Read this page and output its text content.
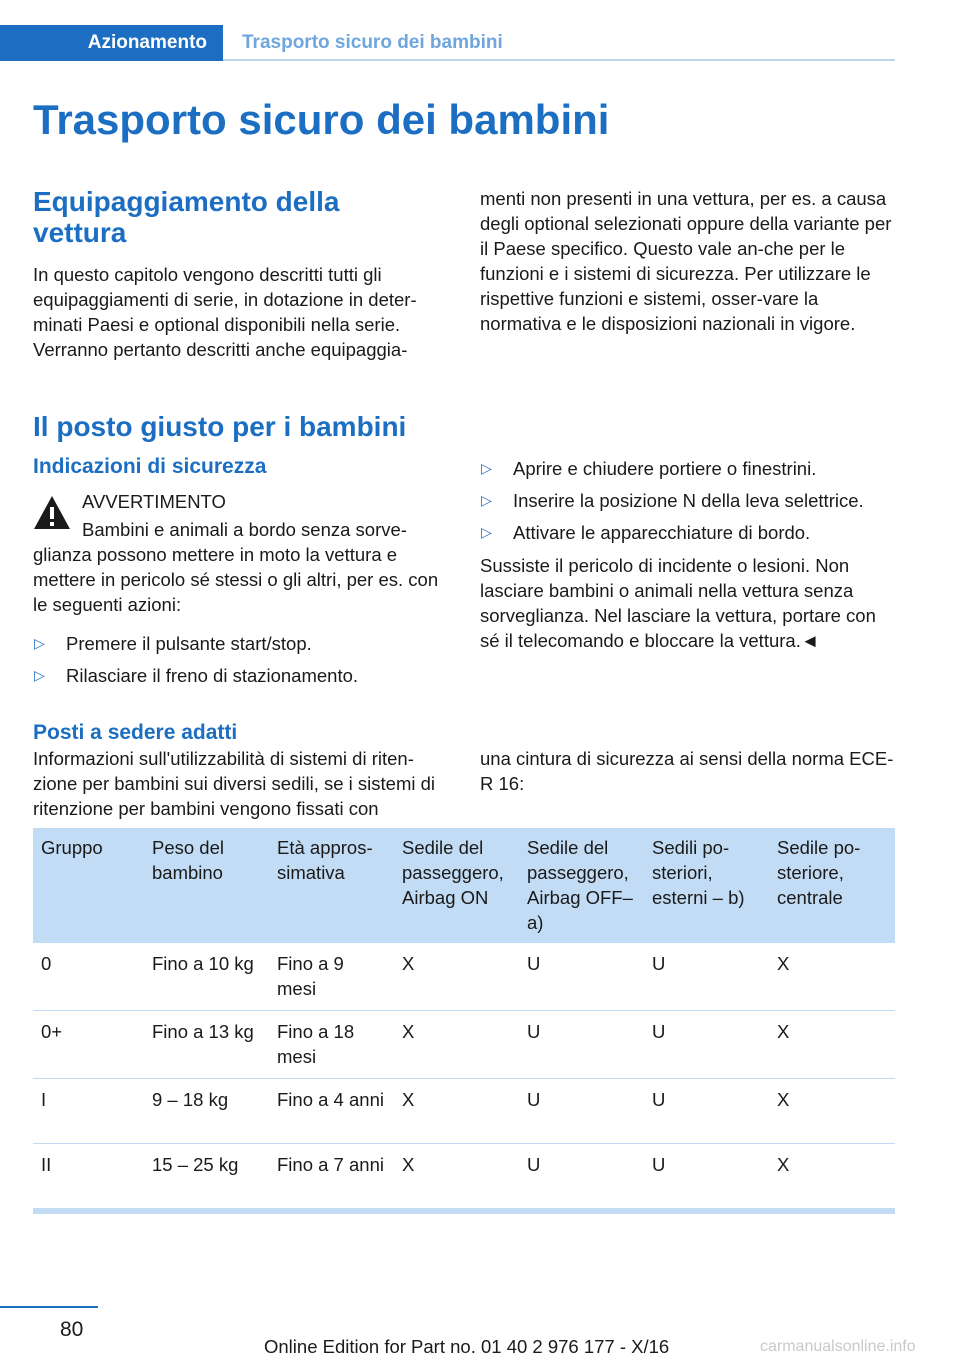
Azionamento	Trasporto sicuro dei bambini
Trasporto sicuro dei bambini
Equipaggiamento della vettura

In questo capitolo vengono descritti tutti gli equipaggiamenti di serie, in dotazione in deter-minati Paesi e optional disponibili nella serie. Verranno pertanto descritti anche equipaggia-

menti non presenti in una vettura, per es. a causa degli optional selezionati oppure della variante per il Paese specifico. Questo vale an-che per le funzioni e i sistemi di sicurezza. Per utilizzare le rispettive funzioni e sistemi, osser-vare la normativa e le disposizioni nazionali in vigore.

Il posto giusto per i bambini
Indicazioni di sicurezza
AVVERTIMENTO

Bambini e animali a bordo senza sorve-glianza possono mettere in moto la vettura e mettere in pericolo sé stessi o gli altri, per es. con le seguenti azioni:

▷ Premere il pulsante start/stop.
▷ Rilasciare il freno di stazionamento.
▷ Aprire e chiudere portiere o finestrini.
▷ Inserire la posizione N della leva selettrice.
▷ Attivare le apparecchiature di bordo.

Sussiste il pericolo di incidente o lesioni. Non lasciare bambini o animali nella vettura senza sorveglianza. Nel lasciare la vettura, portare con sé il telecomando e bloccare la vettura.◄

Posti a sedere adatti

Informazioni sull'utilizzabilità di sistemi di riten-zione per bambini sui diversi sedili, se i sistemi di ritenzione per bambini vengono fissati con

una cintura di sicurezza ai sensi della norma ECE-R 16:

Gruppo	Peso del bambino	Età appros-simativa	Sedile del passeggero, Airbag ON	Sedile del passeggero, Airbag OFF– a)	Sedili po-steriori, esterni – b)	Sedile po-steriore, centrale
0	Fino a 10 kg	Fino a 9 mesi	X	U	U	X
0+	Fino a 13 kg	Fino a 18 mesi	X	U	U	X
I	9 – 18 kg	Fino a 4 anni	X	U	U	X
II	15 – 25 kg	Fino a 7 anni	X	U	U	X
80
Online Edition for Part no. 01 40 2 976 177 - X/16	carmanualsonline.info
